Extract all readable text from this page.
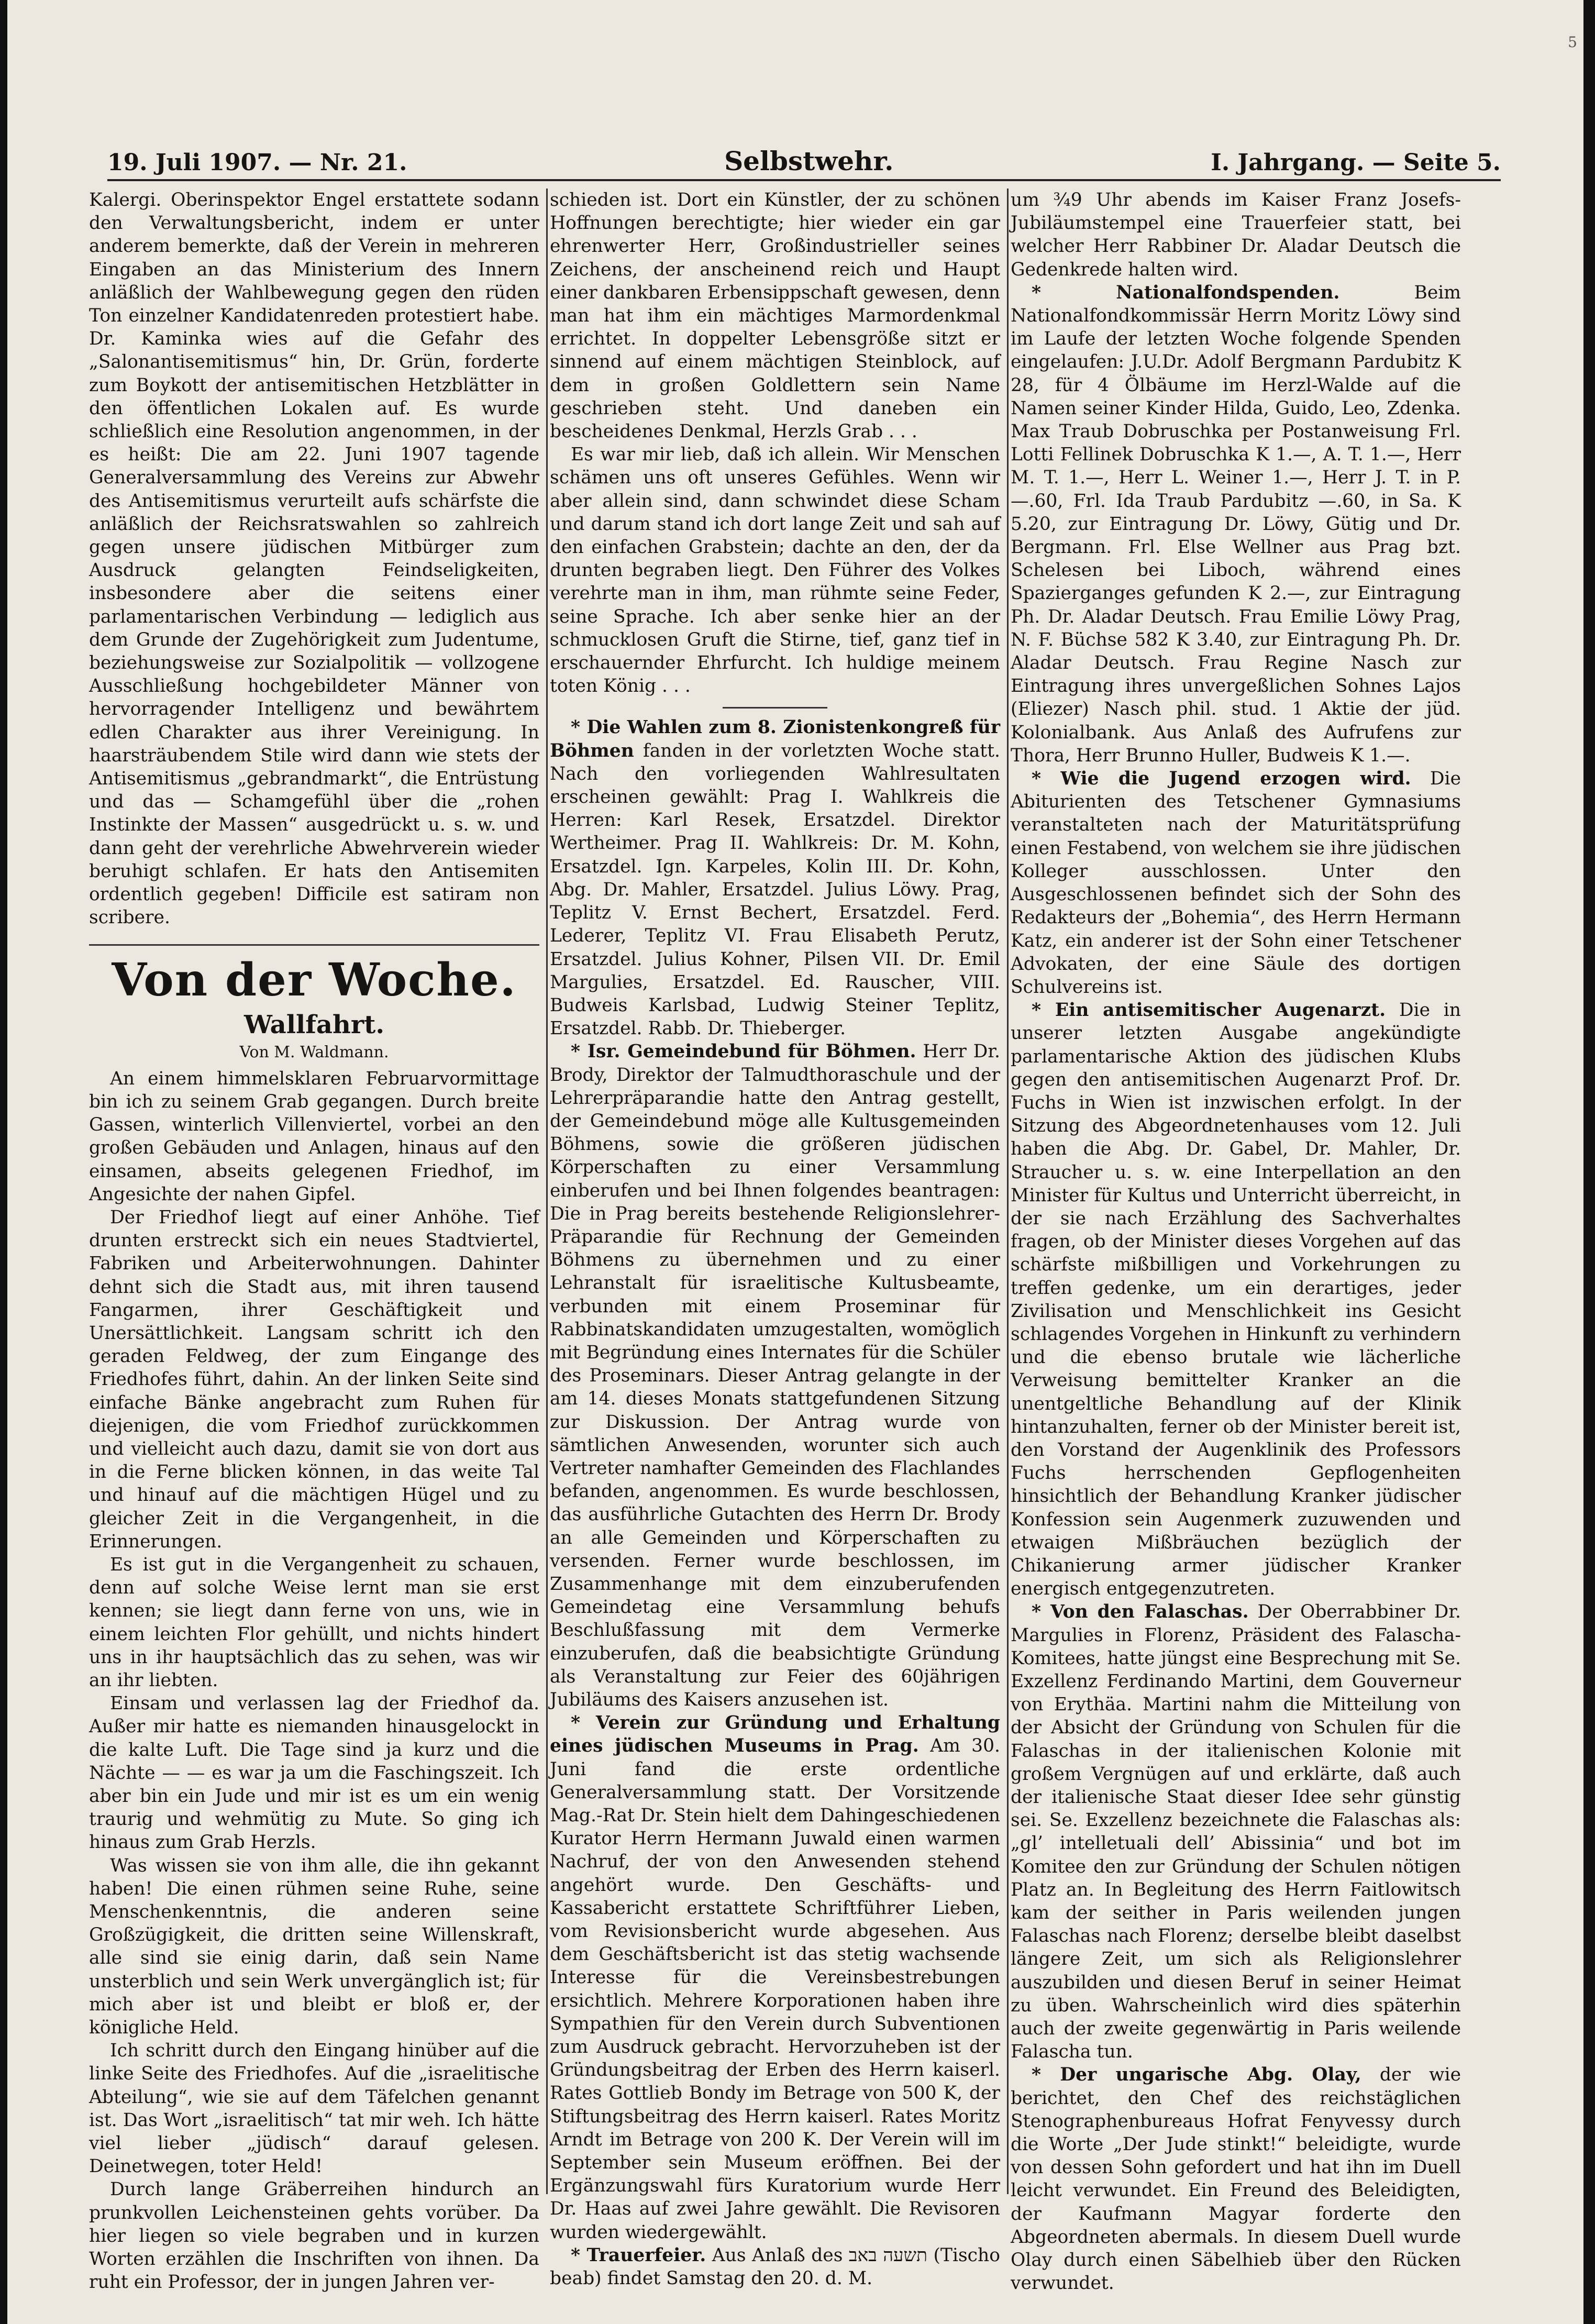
5
19. Juli 1907. — Nr. 21.	Selbstwehr.	I. Jahrgang. — Seite 5.

Kalergi. Oberinspektor Engel erstattete sodann den Verwaltungsbericht, indem er unter anderem bemerkte, daß der Verein in mehreren Eingaben an das Ministerium des Innern anläßlich der Wahlbewegung gegen den rüden Ton einzelner Kandidatenreden protestiert habe. Dr. Kaminka wies auf die Gefahr des „Salonantisemitismus“ hin, Dr. Grün, forderte zum Boykott der antisemitischen Hetzblätter in den öffentlichen Lokalen auf. Es wurde schließlich eine Resolution angenommen, in der es heißt: Die am 22. Juni 1907 tagende Generalversammlung des Vereins zur Abwehr des Antisemitismus verurteilt aufs schärfste die anläßlich der Reichsratswahlen so zahlreich gegen unsere jüdischen Mitbürger zum Ausdruck gelangten Feindseligkeiten, insbesondere aber die seitens einer parlamentarischen Verbindung — lediglich aus dem Grunde der Zugehörigkeit zum Judentume, beziehungsweise zur Sozialpolitik — vollzogene Ausschließung hochgebildeter Männer von hervorragender Intelligenz und bewährtem edlen Charakter aus ihrer Vereinigung. In haarsträubendem Stile wird dann wie stets der Antisemitismus „gebrandmarkt“, die Entrüstung und das — Schamgefühl über die „rohen Instinkte der Massen“ ausgedrückt u. s. w. und dann geht der verehrliche Abwehrverein wieder beruhigt schlafen. Er hats den Antisemiten ordentlich gegeben! Difficile est satiram non scribere.

Von der Woche.
Wallfahrt.
Von M. Waldmann.

An einem himmelsklaren Februarvormittage bin ich zu seinem Grab gegangen. Durch breite Gassen, winterlich Villenviertel, vorbei an den großen Gebäuden und Anlagen, hinaus auf den einsamen, abseits gelegenen Friedhof, im Angesichte der nahen Gipfel.

Der Friedhof liegt auf einer Anhöhe. Tief drunten erstreckt sich ein neues Stadtviertel, Fabriken und Arbeiterwohnungen. Dahinter dehnt sich die Stadt aus, mit ihren tausend Fangarmen, ihrer Geschäftigkeit und Unersättlichkeit. Langsam schritt ich den geraden Feldweg, der zum Eingange des Friedhofes führt, dahin. An der linken Seite sind einfache Bänke angebracht zum Ruhen für diejenigen, die vom Friedhof zurückkommen und vielleicht auch dazu, damit sie von dort aus in die Ferne blicken können, in das weite Tal und hinauf auf die mächtigen Hügel und zu gleicher Zeit in die Vergangenheit, in die Erinnerungen.

Es ist gut in die Vergangenheit zu schauen, denn auf solche Weise lernt man sie erst kennen; sie liegt dann ferne von uns, wie in einem leichten Flor gehüllt, und nichts hindert uns in ihr hauptsächlich das zu sehen, was wir an ihr liebten.

Einsam und verlassen lag der Friedhof da. Außer mir hatte es niemanden hinausgelockt in die kalte Luft. Die Tage sind ja kurz und die Nächte — — es war ja um die Faschingszeit. Ich aber bin ein Jude und mir ist es um ein wenig traurig und wehmütig zu Mute. So ging ich hinaus zum Grab Herzls.

Was wissen sie von ihm alle, die ihn gekannt haben! Die einen rühmen seine Ruhe, seine Menschenkenntnis, die anderen seine Großzügigkeit, die dritten seine Willenskraft, alle sind sie einig darin, daß sein Name unsterblich und sein Werk unvergänglich ist; für mich aber ist und bleibt er bloß er, der königliche Held.

Ich schritt durch den Eingang hinüber auf die linke Seite des Friedhofes. Auf die „israelitische Abteilung“, wie sie auf dem Täfelchen genannt ist. Das Wort „israelitisch“ tat mir weh. Ich hätte viel lieber „jüdisch“ darauf gelesen. Deinetwegen, toter Held!

Durch lange Gräberreihen hindurch an prunkvollen Leichensteinen gehts vorüber. Da hier liegen so viele begraben und in kurzen Worten erzählen die Inschriften von ihnen. Da ruht ein Professor, der in jungen Jahren ver-

schieden ist. Dort ein Künstler, der zu schönen Hoffnungen berechtigte; hier wieder ein gar ehrenwerter Herr, Großindustrieller seines Zeichens, der anscheinend reich und Haupt einer dankbaren Erbensippschaft gewesen, denn man hat ihm ein mächtiges Marmordenkmal errichtet. In doppelter Lebensgröße sitzt er sinnend auf einem mächtigen Steinblock, auf dem in großen Goldlettern sein Name geschrieben steht. Und daneben ein bescheidenes Denkmal, Herzls Grab . . .

Es war mir lieb, daß ich allein. Wir Menschen schämen uns oft unseres Gefühles. Wenn wir aber allein sind, dann schwindet diese Scham und darum stand ich dort lange Zeit und sah auf den einfachen Grabstein; dachte an den, der da drunten begraben liegt. Den Führer des Volkes verehrte man in ihm, man rühmte seine Feder, seine Sprache. Ich aber senke hier an der schmucklosen Gruft die Stirne, tief, ganz tief in erschauernder Ehrfurcht. Ich huldige meinem toten König . . .

* Die Wahlen zum 8. Zionistenkongreß für Böhmen fanden in der vorletzten Woche statt. Nach den vorliegenden Wahlresultaten erscheinen gewählt: Prag I. Wahlkreis die Herren: Karl Resek, Ersatzdel. Direktor Wertheimer. Prag II. Wahlkreis: Dr. M. Kohn, Ersatzdel. Ign. Karpeles, Kolin III. Dr. Kohn, Abg. Dr. Mahler, Ersatzdel. Julius Löwy. Prag, Teplitz V. Ernst Bechert, Ersatzdel. Ferd. Lederer, Teplitz VI. Frau Elisabeth Perutz, Ersatzdel. Julius Kohner, Pilsen VII. Dr. Emil Margulies, Ersatzdel. Ed. Rauscher, VIII. Budweis Karlsbad, Ludwig Steiner Teplitz, Ersatzdel. Rabb. Dr. Thieberger.

* Isr. Gemeindebund für Böhmen. Herr Dr. Brody, Direktor der Talmudthoraschule und der Lehrerpräparandie hatte den Antrag gestellt, der Gemeindebund möge alle Kultusgemeinden Böhmens, sowie die größeren jüdischen Körperschaften zu einer Versammlung einberufen und bei Ihnen folgendes beantragen: Die in Prag bereits bestehende Religionslehrer-Präparandie für Rechnung der Gemeinden Böhmens zu übernehmen und zu einer Lehranstalt für israelitische Kultusbeamte, verbunden mit einem Proseminar für Rabbinatskandidaten umzugestalten, womöglich mit Begründung eines Internates für die Schüler des Proseminars. Dieser Antrag gelangte in der am 14. dieses Monats stattgefundenen Sitzung zur Diskussion. Der Antrag wurde von sämtlichen Anwesenden, worunter sich auch Vertreter namhafter Gemeinden des Flachlandes befanden, angenommen. Es wurde beschlossen, das ausführliche Gutachten des Herrn Dr. Brody an alle Gemeinden und Körperschaften zu versenden. Ferner wurde beschlossen, im Zusammenhange mit dem einzuberufenden Gemeindetag eine Versammlung behufs Beschlußfassung mit dem Vermerke einzuberufen, daß die beabsichtigte Gründung als Veranstaltung zur Feier des 60jährigen Jubiläums des Kaisers anzusehen ist.

* Verein zur Gründung und Erhaltung eines jüdischen Museums in Prag. Am 30. Juni fand die erste ordentliche Generalversammlung statt. Der Vorsitzende Mag.-Rat Dr. Stein hielt dem Dahingeschiedenen Kurator Herrn Hermann Juwald einen warmen Nachruf, der von den Anwesenden stehend angehört wurde. Den Geschäfts- und Kassabericht erstattete Schriftführer Lieben, vom Revisionsbericht wurde abgesehen. Aus dem Geschäftsbericht ist das stetig wachsende Interesse für die Vereinsbestrebungen ersichtlich. Mehrere Korporationen haben ihre Sympathien für den Verein durch Subventionen zum Ausdruck gebracht. Hervorzuheben ist der Gründungsbeitrag der Erben des Herrn kaiserl. Rates Gottlieb Bondy im Betrage von 500 K, der Stiftungsbeitrag des Herrn kaiserl. Rates Moritz Arndt im Betrage von 200 K. Der Verein will im September sein Museum eröffnen. Bei der Ergänzungswahl fürs Kuratorium wurde Herr Dr. Haas auf zwei Jahre gewählt. Die Revisoren wurden wiedergewählt.

* Trauerfeier. Aus Anlaß des תשעה באב (Tischo beab) findet Samstag den 20. d. M.

um ¾9 Uhr abends im Kaiser Franz Josefs-Jubiläumstempel eine Trauerfeier statt, bei welcher Herr Rabbiner Dr. Aladar Deutsch die Gedenkrede halten wird.

* Nationalfondspenden.	Beim Nationalfondkommissär Herrn Moritz Löwy sind im Laufe der letzten Woche folgende Spenden eingelaufen: J.U.Dr. Adolf Bergmann Pardubitz K 28, für 4 Ölbäume im Herzl-Walde auf die Namen seiner Kinder Hilda, Guido, Leo, Zdenka. Max Traub Dobruschka per Postanweisung Frl. Lotti Fellinek Dobruschka K 1.—, A. T. 1.—, Herr M. T. 1.—, Herr L. Weiner 1.—, Herr J. T. in P. —.60, Frl. Ida Traub Pardubitz —.60, in Sa. K 5.20, zur Eintragung Dr. Löwy, Gütig und Dr. Bergmann. Frl. Else Wellner aus Prag bzt. Schelesen bei Liboch, während eines Spazierganges gefunden K 2.—, zur Eintragung Ph. Dr. Aladar Deutsch. Frau Emilie Löwy Prag, N. F. Büchse 582 K 3.40, zur Eintragung Ph. Dr. Aladar Deutsch. Frau Regine Nasch zur Eintragung ihres unvergeßlichen Sohnes Lajos (Eliezer) Nasch phil. stud. 1 Aktie der jüd. Kolonialbank. Aus Anlaß des Aufrufens zur Thora, Herr Brunno Huller, Budweis K 1.—.

* Wie die Jugend erzogen wird. Die Abiturienten des Tetschener Gymnasiums veranstalteten nach der Maturitätsprüfung einen Festabend, von welchem sie ihre jüdischen Kolleger ausschlossen. Unter den Ausgeschlossenen befindet sich der Sohn des Redakteurs der „Bohemia“, des Herrn Hermann Katz, ein anderer ist der Sohn einer Tetschener Advokaten, der eine Säule des dortigen Schulvereins ist.

* Ein antisemitischer Augenarzt. Die in unserer letzten Ausgabe angekündigte parlamentarische Aktion des jüdischen Klubs gegen den antisemitischen Augenarzt Prof. Dr. Fuchs in Wien ist inzwischen erfolgt. In der Sitzung des Abgeordnetenhauses vom 12. Juli haben die Abg. Dr. Gabel, Dr. Mahler, Dr. Straucher u. s. w. eine Interpellation an den Minister für Kultus und Unterricht überreicht, in der sie nach Erzählung des Sachverhaltes fragen, ob der Minister dieses Vorgehen auf das schärfste mißbilligen und Vorkehrungen zu treffen gedenke, um ein derartiges, jeder Zivilisation und Menschlichkeit ins Gesicht schlagendes Vorgehen in Hinkunft zu verhindern und die ebenso brutale wie lächerliche Verweisung bemittelter Kranker an die unentgeltliche Behandlung auf der Klinik hintanzuhalten, ferner ob der Minister bereit ist, den Vorstand der Augenklinik des Professors Fuchs herrschenden Gepflogenheiten hinsichtlich der Behandlung Kranker jüdischer Konfession sein Augenmerk zuzuwenden und etwaigen Mißbräuchen bezüglich der Chikanierung armer jüdischer Kranker energisch entgegenzutreten.

* Von den Falaschas. Der Oberrabbiner Dr. Margulies in Florenz, Präsident des Falascha-Komitees, hatte jüngst eine Besprechung mit Se. Exzellenz Ferdinando Martini, dem Gouverneur von Erythäa. Martini nahm die Mitteilung von der Absicht der Gründung von Schulen für die Falaschas in der italienischen Kolonie mit großem Vergnügen auf und erklärte, daß auch der italienische Staat dieser Idee sehr günstig sei. Se. Exzellenz bezeichnete die Falaschas als: „gl’ intelletuali dell’ Abissinia“ und bot im Komitee den zur Gründung der Schulen nötigen Platz an. In Begleitung des Herrn Faitlowitsch kam der seither in Paris weilenden jungen Falaschas nach Florenz; derselbe bleibt daselbst längere Zeit, um sich als Religionslehrer auszubilden und diesen Beruf in seiner Heimat zu üben. Wahrscheinlich wird dies späterhin auch der zweite gegenwärtig in Paris weilende Falascha tun.

* Der ungarische Abg. Olay, der wie berichtet, den Chef des reichstäglichen Stenographenbureaus Hofrat Fenyvessy durch die Worte „Der Jude stinkt!“ beleidigte, wurde von dessen Sohn gefordert und hat ihn im Duell leicht verwundet. Ein Freund des Beleidigten, der Kaufmann Magyar forderte den Abgeordneten abermals. In diesem Duell wurde Olay durch einen Säbelhieb über den Rücken verwundet.
